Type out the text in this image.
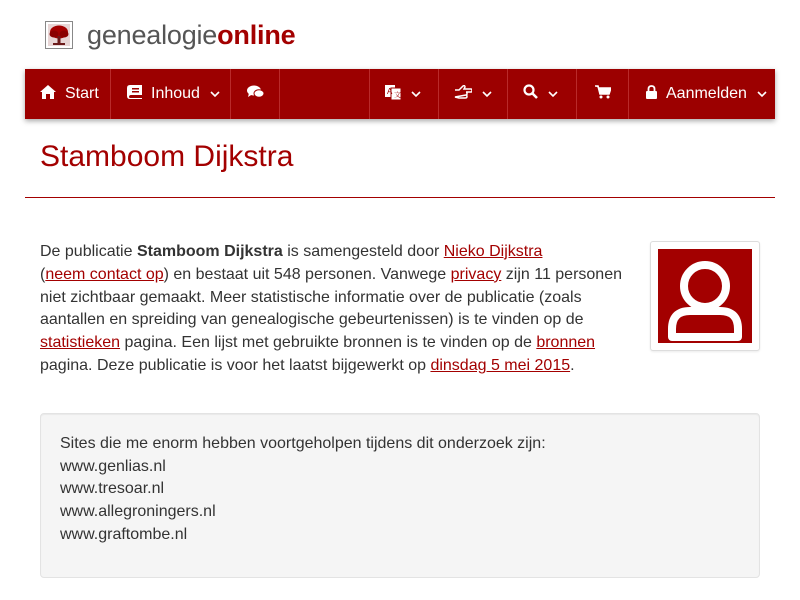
genealogieonline
Start	Inhoud	A 文	Aanmelden
Stamboom Dijkstra

De publicatie Stamboom Dijkstra is samengesteld door Nieko Dijkstra
(neem contact op) en bestaat uit 548 personen. Vanwege privacy zijn 11 personen niet zichtbaar gemaakt. Meer statistische informatie over de publicatie (zoals aantallen en spreiding van genealogische gebeurtenissen) is te vinden op de statistieken pagina. Een lijst met gebruikte bronnen is te vinden op de bronnen pagina. Deze publicatie is voor het laatst bijgewerkt op dinsdag 5 mei 2015.

Sites die me enorm hebben voortgeholpen tijdens dit onderzoek zijn:
www.genlias.nl
www.tresoar.nl
www.allegroningers.nl
www.graftombe.nl
